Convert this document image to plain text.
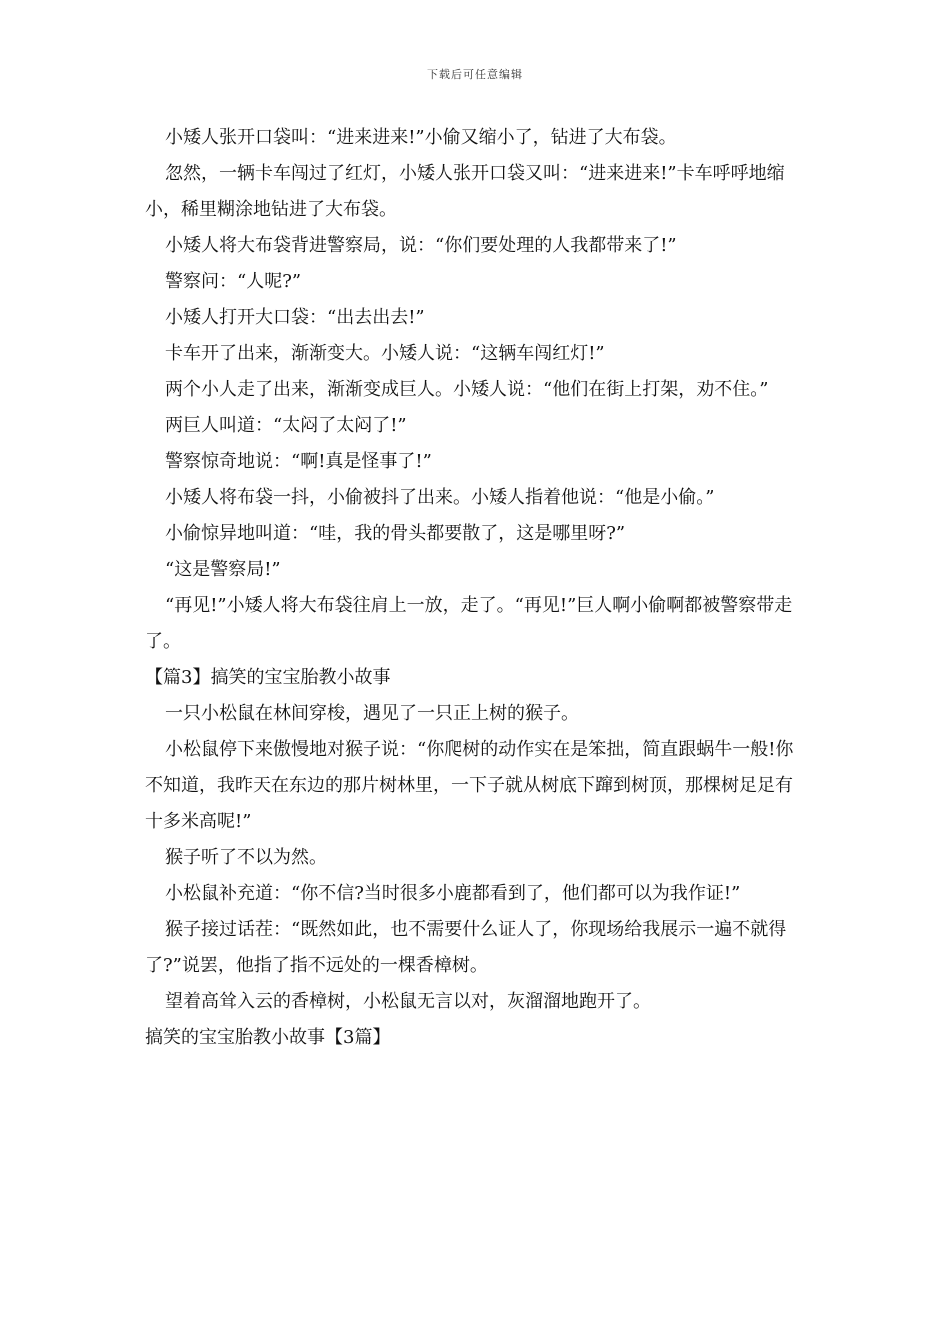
下载后可任意编辑

小矮人张开口袋叫：“进来进来!”小偷又缩小了，钻进了大布袋。

忽然，一辆卡车闯过了红灯，小矮人张开口袋又叫：“进来进来!”卡车呼呼地缩小，稀里糊涂地钻进了大布袋。

小矮人将大布袋背进警察局，说：“你们要处理的人我都带来了!”

警察问：“人呢?”

小矮人打开大口袋：“出去出去!”

卡车开了出来，渐渐变大。小矮人说：“这辆车闯红灯!”

两个小人走了出来，渐渐变成巨人。小矮人说：“他们在街上打架，劝不住。”

两巨人叫道：“太闷了太闷了!”

警察惊奇地说：“啊!真是怪事了!”

小矮人将布袋一抖，小偷被抖了出来。小矮人指着他说：“他是小偷。”

小偷惊异地叫道：“哇，我的骨头都要散了，这是哪里呀?”

“这是警察局!”

“再见!”小矮人将大布袋往肩上一放，走了。“再见!”巨人啊小偷啊都被警察带走了。

【篇3】搞笑的宝宝胎教小故事

一只小松鼠在林间穿梭，遇见了一只正上树的猴子。

小松鼠停下来傲慢地对猴子说：“你爬树的动作实在是笨拙，简直跟蜗牛一般!你不知道，我昨天在东边的那片树林里，一下子就从树底下蹿到树顶，那棵树足足有十多米高呢!”

猴子听了不以为然。

小松鼠补充道：“你不信?当时很多小鹿都看到了，他们都可以为我作证!”

猴子接过话茬：“既然如此，也不需要什么证人了，你现场给我展示一遍不就得了?”说罢，他指了指不远处的一棵香樟树。

望着高耸入云的香樟树，小松鼠无言以对，灰溜溜地跑开了。

搞笑的宝宝胎教小故事【3篇】
